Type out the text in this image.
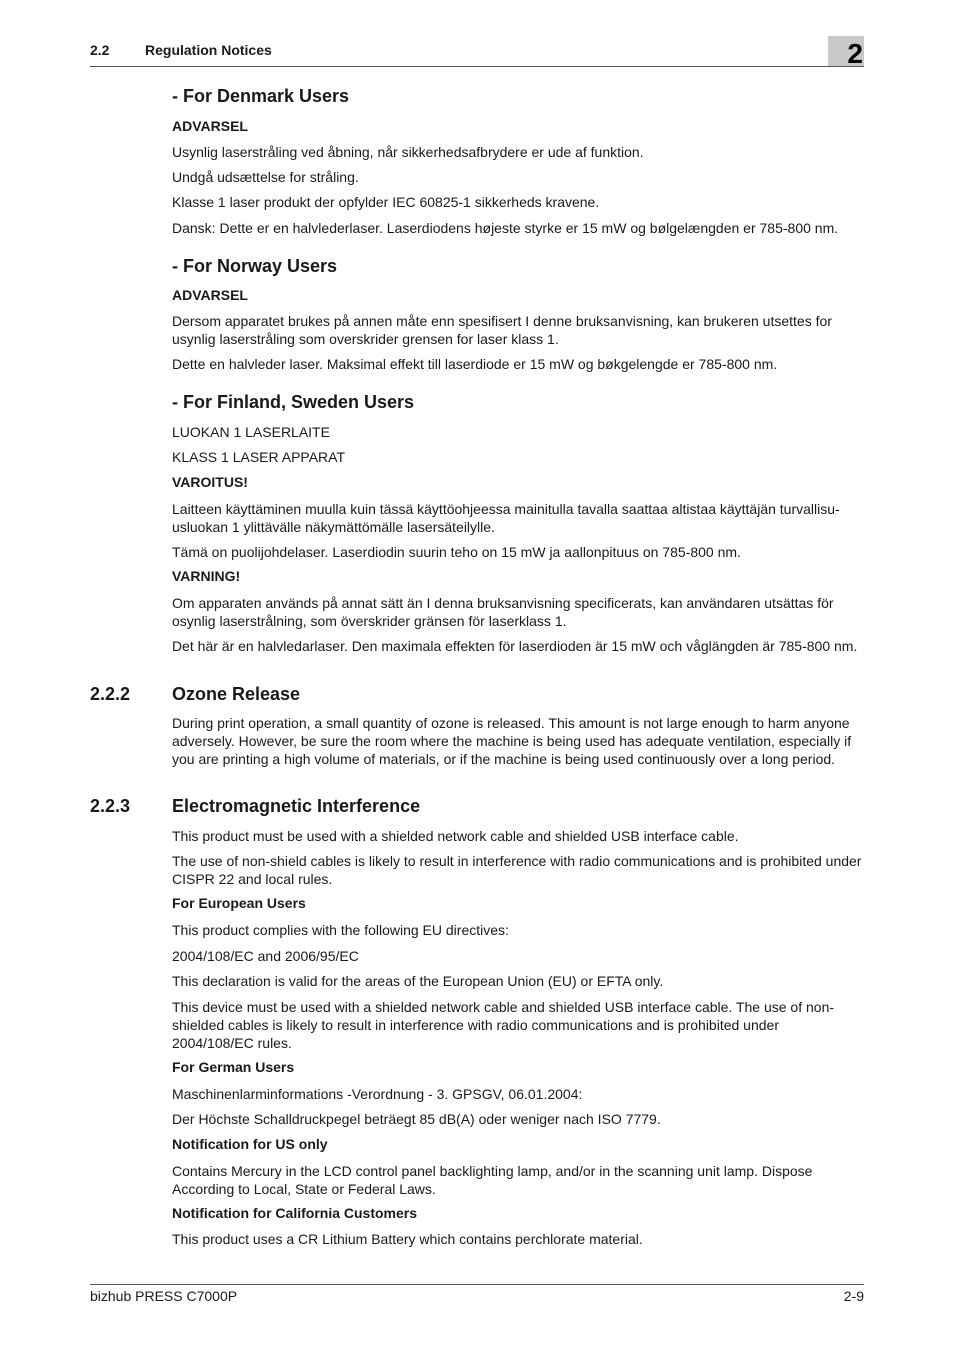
2.2	Regulation Notices	2
- For Denmark Users
ADVARSEL
Usynlig laserstråling ved åbning, når sikkerhedsafbrydere er ude af funktion.
Undgå udsættelse for stråling.
Klasse 1 laser produkt der opfylder IEC 60825-1 sikkerheds kravene.
Dansk: Dette er en halvlederlaser. Laserdiodens højeste styrke er 15 mW og bølgelængden er 785-800 nm.
- For Norway Users
ADVARSEL
Dersom apparatet brukes på annen måte enn spesifisert I denne bruksanvisning, kan brukeren utsettes for usynlig laserstråling som overskrider grensen for laser klass 1.
Dette en halvleder laser. Maksimal effekt till laserdiode er 15 mW og bøkgelengde er 785-800 nm.
- For Finland, Sweden Users
LUOKAN 1 LASERLAITE
KLASS 1 LASER APPARAT
VAROITUS!
Laitteen käyttäminen muulla kuin tässä käyttöohjeessa mainitulla tavalla saattaa altistaa käyttäjän turvallisu-usluokan 1 ylittävälle näkymättömälle lasersäteilylle.
Tämä on puolijohdelaser. Laserdiodin suurin teho on 15 mW ja aallonpituus on 785-800 nm.
VARNING!
Om apparaten används på annat sätt än I denna bruksanvisning specificerats, kan användaren utsättas för osynlig laserstrålning, som överskrider gränsen för laserklass 1.
Det här är en halvledarlaser. Den maximala effekten för laserdioden är 15 mW och våglängden är 785-800 nm.
2.2.2 Ozone Release
During print operation, a small quantity of ozone is released. This amount is not large enough to harm anyone adversely. However, be sure the room where the machine is being used has adequate ventilation, especially if you are printing a high volume of materials, or if the machine is being used continuously over a long period.
2.2.3 Electromagnetic Interference
This product must be used with a shielded network cable and shielded USB interface cable.
The use of non-shield cables is likely to result in interference with radio communications and is prohibited under CISPR 22 and local rules.
For European Users
This product complies with the following EU directives:
2004/108/EC and 2006/95/EC
This declaration is valid for the areas of the European Union (EU) or EFTA only.
This device must be used with a shielded network cable and shielded USB interface cable. The use of non-shielded cables is likely to result in interference with radio communications and is prohibited under 2004/108/EC rules.
For German Users
Maschinenlarminformations -Verordnung - 3. GPSGV, 06.01.2004:
Der Höchste Schalldruckpegel beträegt 85 dB(A) oder weniger nach ISO 7779.
Notification for US only
Contains Mercury in the LCD control panel backlighting lamp, and/or in the scanning unit lamp. Dispose According to Local, State or Federal Laws.
Notification for California Customers
This product uses a CR Lithium Battery which contains perchlorate material.
bizhub PRESS C7000P	2-9
